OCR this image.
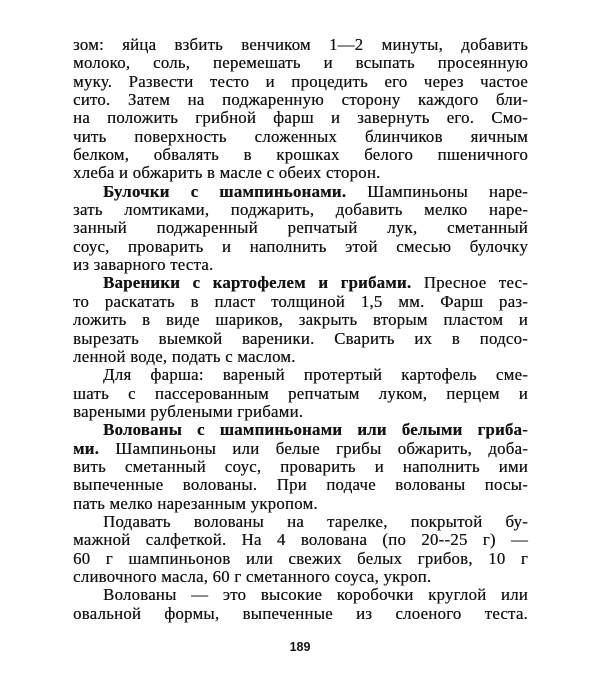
зом: яйца взбить венчиком 1—2 минуты, добавить
молоко, соль, перемешать и всыпать просеянную
муку. Развести тесто и процедить его через частое
сито. Затем на поджаренную сторону каждого бли-
на положить грибной фарш и завернуть его. Смо-
чить поверхность сложенных блинчиков яичным
белком, обвалять в крошках белого пшеничного
хлеба и обжарить в масле с обеих сторон.
Булочки с шампиньонами. Шампиньоны наре-
зать ломтиками, поджарить, добавить мелко наре-
занный поджаренный репчатый лук, сметанный
соус, проварить и наполнить этой смесью булочку
из заварного теста.
Вареники с картофелем и грибами. Пресное тес-
то раскатать в пласт толщиной 1,5 мм. Фарш раз-
ложить в виде шариков, закрыть вторым пластом и
вырезать выемкой вареники. Сварить их в подсо-
ленной воде, подать с маслом.
Для фарша: вареный протертый картофель сме-
шать с пассерованным репчатым луком, перцем и
вареными рублеными грибами.
Волованы с шампиньонами или белыми гриба-
ми. Шампиньоны или белые грибы обжарить, доба-
вить сметанный соус, проварить и наполнить ими
выпеченные волованы. При подаче волованы посы-
пать мелко нарезанным укропом.
Подавать волованы на тарелке, покрытой бу-
мажной салфеткой. На 4 волована (по 20--25 г) —
60 г шампиньонов или свежих белых грибов, 10 г
сливочного масла, 60 г сметанного соуса, укроп.
Волованы — это высокие коробочки круглой или
овальной формы, выпеченные из слоеного теста.
189
